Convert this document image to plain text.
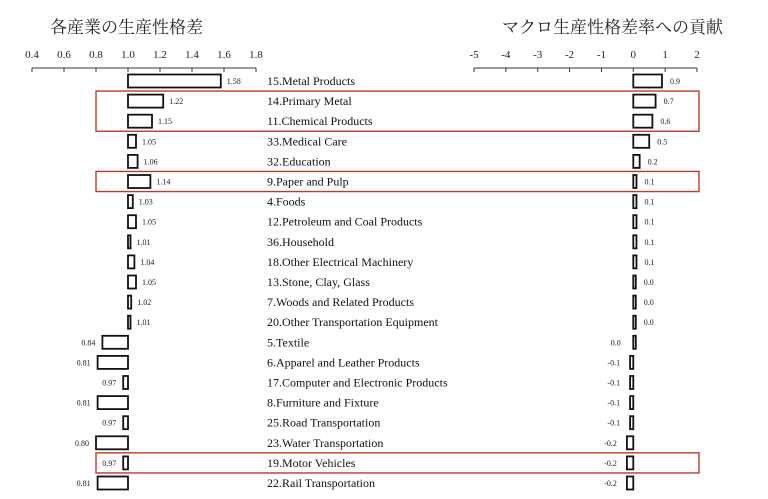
各産業の生産性格差	マクロ生産性格差率への貢献
0.4 0.6 0.8 1.0 1.2 1.4 1.6 1.8	-5 -4 -3 -2 -1 0 1 2
1.58 15.Metal Products	0.9
1.22	14.Primary Metal	0.7
1.15	11.Chemical Products	0.6
1.05	33.Medical Care	0.5
1.06	32.Education	0.2
1.14	9.Paper and Pulp	0.1
1.03	4.Foods	0.1
1.05	12.Petroleum and Coal Products	0.1
1.01	36.Household	0.1
1.04	18.Other Electrical Machinery	0.1
1.05	13.Stone, Clay, Glass	0.0
1.02	7.Woods and Related Products	0.0
1.01	20.Other Transportation Equipment	0.0
0.84	5.Textile	0.0
0.81	6.Apparel and Leather Products	-0.1
0.97	17.Computer and Electronic Products	-0.1
0.81	8.Furniture and Fixture	-0.1
0.97	25.Road Transportation	-0.1
0.80	23.Water Transportation	-0.2
0.97	19.Motor Vehicles	-0.2
0.81	22.Rail Transportation	-0.2
